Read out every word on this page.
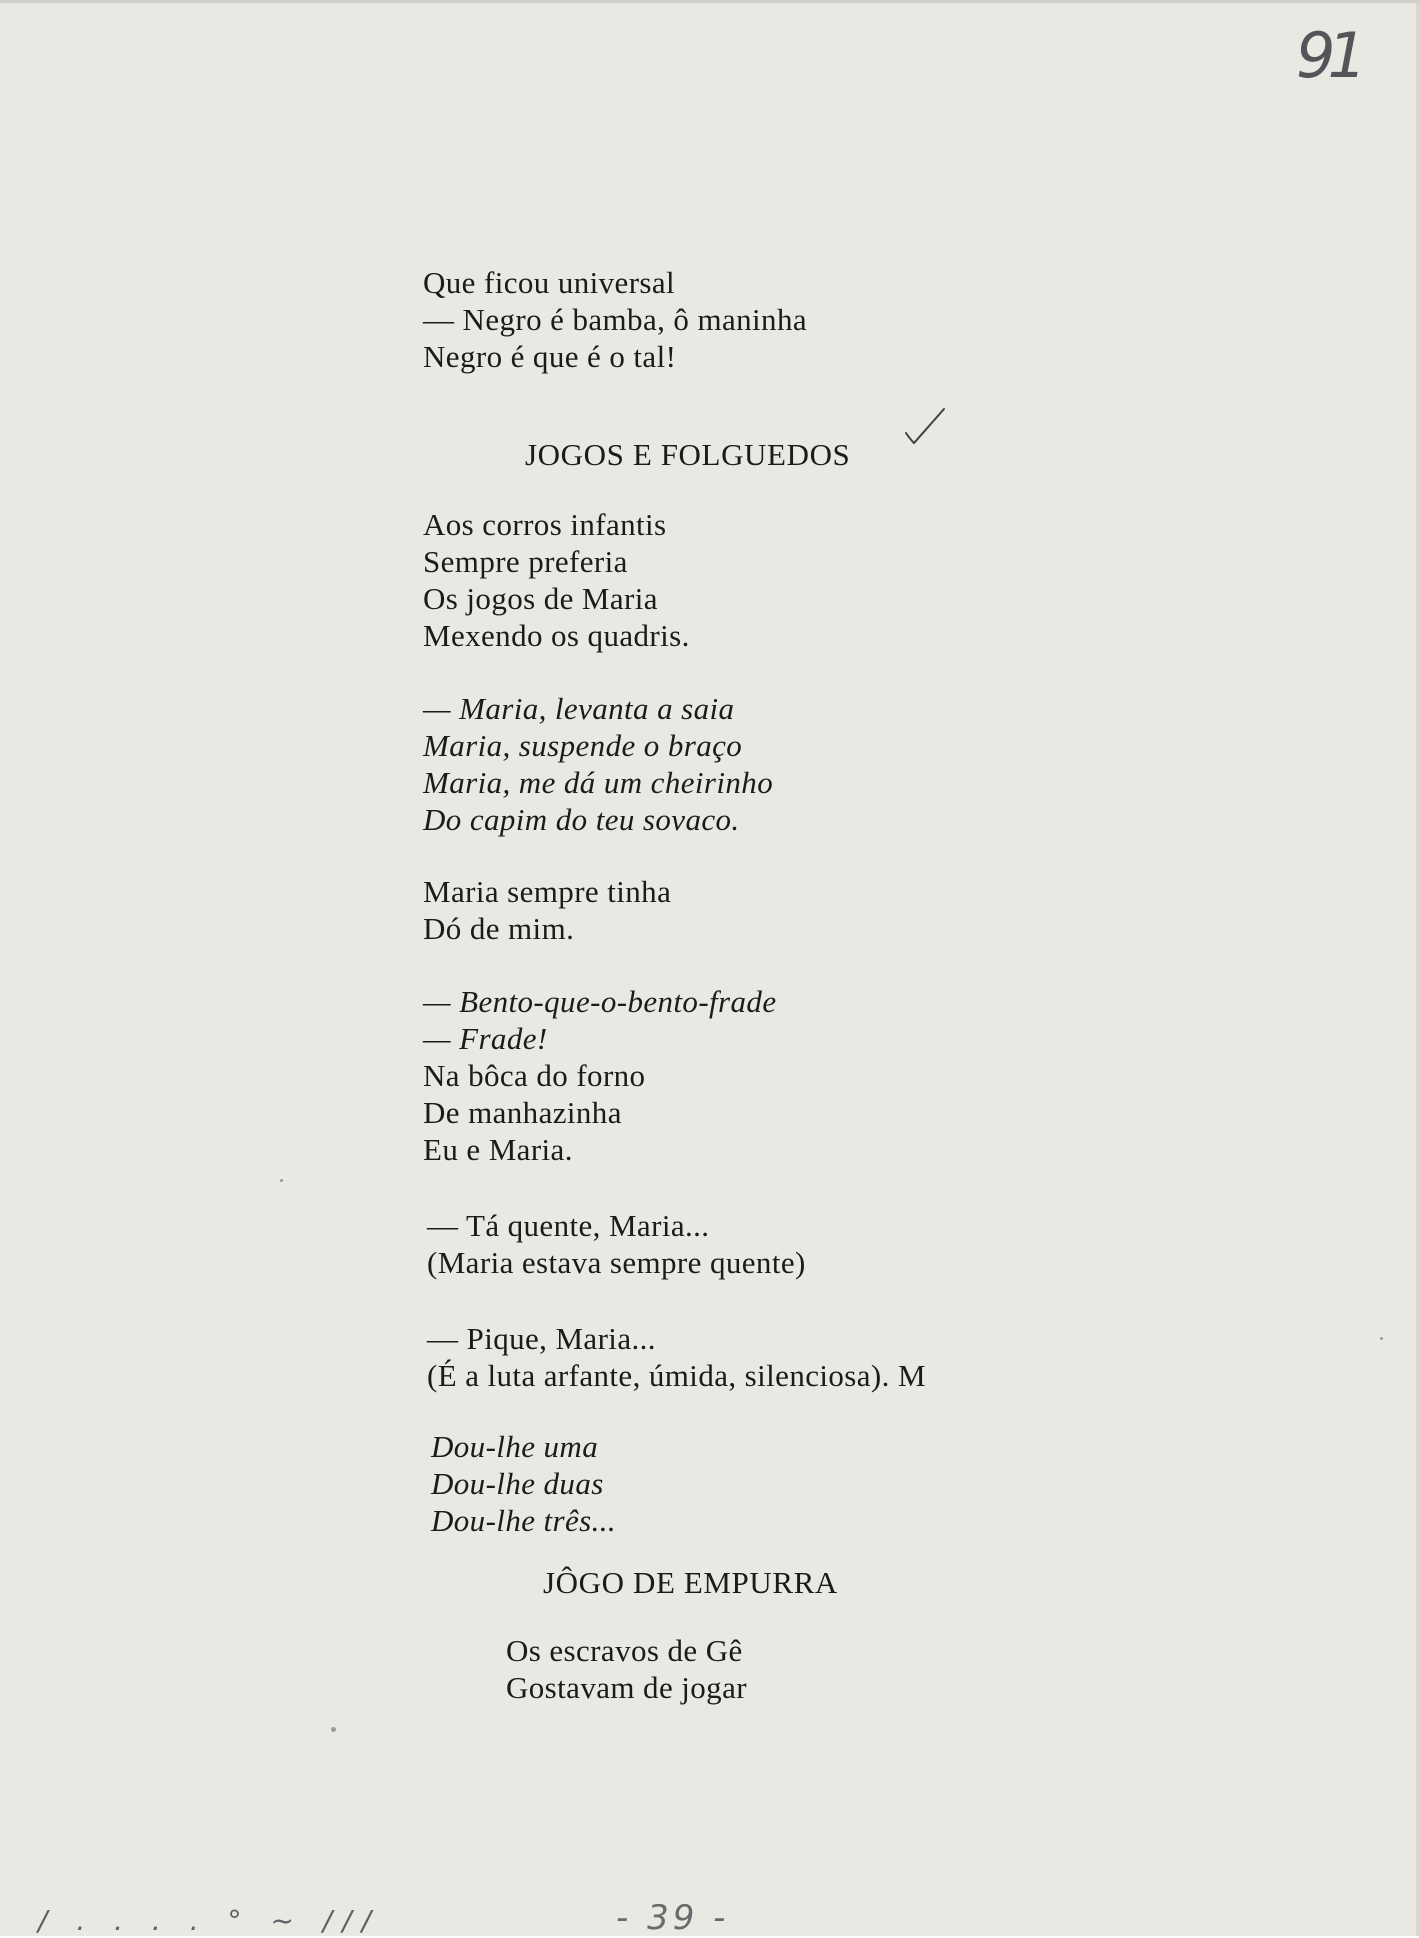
91

Que ficou universal

— Negro é bamba, ô maninha

Negro é que é o tal!

JOGOS E FOLGUEDOS

Aos corros infantis

Sempre preferia

Os jogos de Maria

Mexendo os quadris.

— Maria, levanta a saia

Maria, suspende o braço

Maria, me dá um cheirinho

Do capim do teu sovaco.

Maria sempre tinha

Dó de mim.

— Bento-que-o-bento-frade

— Frade!

Na bôca do forno

De manhazinha

Eu e Maria.

— Tá quente, Maria...

(Maria estava sempre quente)

— Pique, Maria...

(É a luta arfante, úmida, silenciosa). M

Dou-lhe uma

Dou-lhe duas

Dou-lhe três...

JÔGO DE EMPURRA

Os escravos de Gê

Gostavam de jogar

/ . . . . ° ~ ///	- 39 -
